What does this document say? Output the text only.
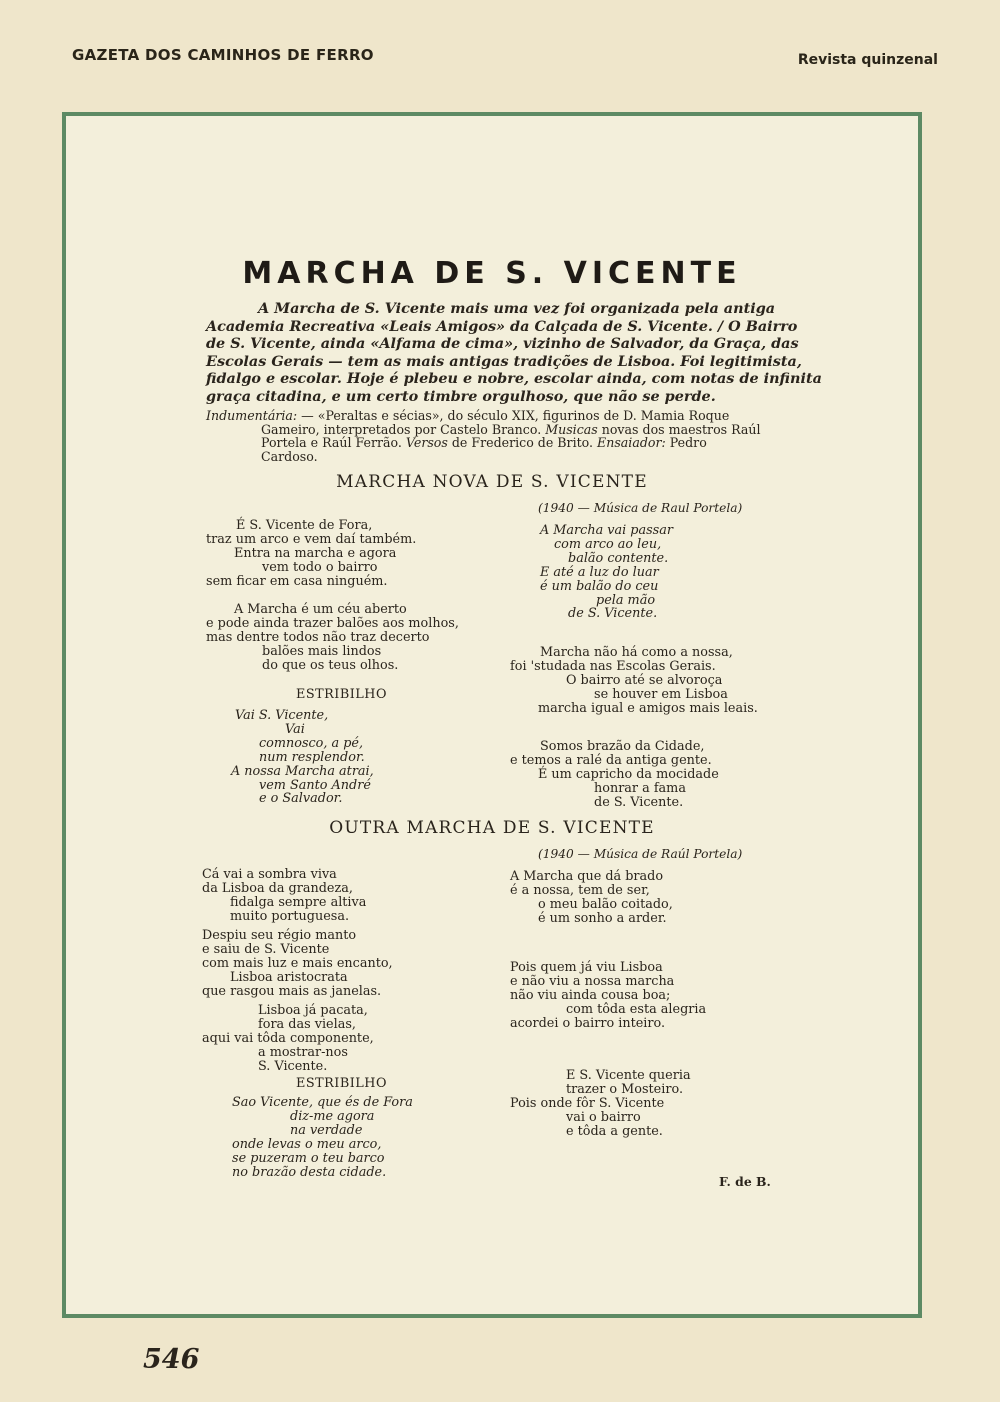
GAZETA DOS CAMINHOS DE FERRO	Revista quinzenal
MARCHA DE S. VICENTE
A Marcha de S. Vicente mais uma vez foi organizada pela antiga
Academia Recreativa «Leais Amigos» da Calçada de S. Vicente. / O Bairro
de S. Vicente, ainda «Alfama de cima», vizinho de Salvador, da Graça, das
Escolas Gerais — tem as mais antigas tradições de Lisboa. Foi legitimista,
fidalgo e escolar. Hoje é plebeu e nobre, escolar ainda, com notas de infinita
graça citadina, e um certo timbre orgulhoso, que não se perde.
Indumentária: — «Peraltas e sécias», do século XIX, figurinos de D. Mamia Roque
Gameiro, interpretados por Castelo Branco. Musicas novas dos maestros Raúl
Portela e Raúl Ferrão. Versos de Frederico de Brito. Ensaiador: Pedro
Cardoso.
MARCHA NOVA DE S. VICENTE
(1940 — Música de Raul Portela)
É S. Vicente de Fora,
traz um arco e vem daí também.
Entra na marcha e agora
vem todo o bairro
sem ficar em casa ninguém.
A Marcha é um céu aberto
e pode ainda trazer balões aos molhos,
mas dentre todos não traz decerto
balões mais lindos
do que os teus olhos.
ESTRIBILHO
Vai S. Vicente,
Vai
comnosco, a pé,
num resplendor.
A nossa Marcha atrai,
vem Santo André
e o Salvador.
A Marcha vai passar
com arco ao leu,
balão contente.
E até a luz do luar
é um balão do ceu
pela mão
de S. Vicente.
Marcha não há como a nossa,
foi 'studada nas Escolas Gerais.
O bairro até se alvoroça
se houver em Lisboa
marcha igual e amigos mais leais.
Somos brazão da Cidade,
e temos a ralé da antiga gente.
É um capricho da mocidade
honrar a fama
de S. Vicente.
OUTRA MARCHA DE S. VICENTE
(1940 — Música de Raúl Portela)
Cá vai a sombra viva
da Lisboa da grandeza,
fidalga sempre altiva
muito portuguesa.
Despiu seu régio manto
e saiu de S. Vicente
com mais luz e mais encanto,
Lisboa aristocrata
que rasgou mais as janelas.
Lisboa já pacata,
fora das vielas,
aqui vai tôda componente,
a mostrar-nos
S. Vicente.
ESTRIBILHO
Sao Vicente, que és de Fora
diz-me agora
na verdade
onde levas o meu arco,
se puzeram o teu barco
no brazão desta cidade.
A Marcha que dá brado
é a nossa, tem de ser,
o meu balão coitado,
é um sonho a arder.
Pois quem já viu Lisboa
e não viu a nossa marcha
não viu ainda cousa boa;
com tôda esta alegria
acordei o bairro inteiro.
E S. Vicente queria
trazer o Mosteiro.
Pois onde fôr S. Vicente
vai o bairro
e tôda a gente.
F. de B.
546
